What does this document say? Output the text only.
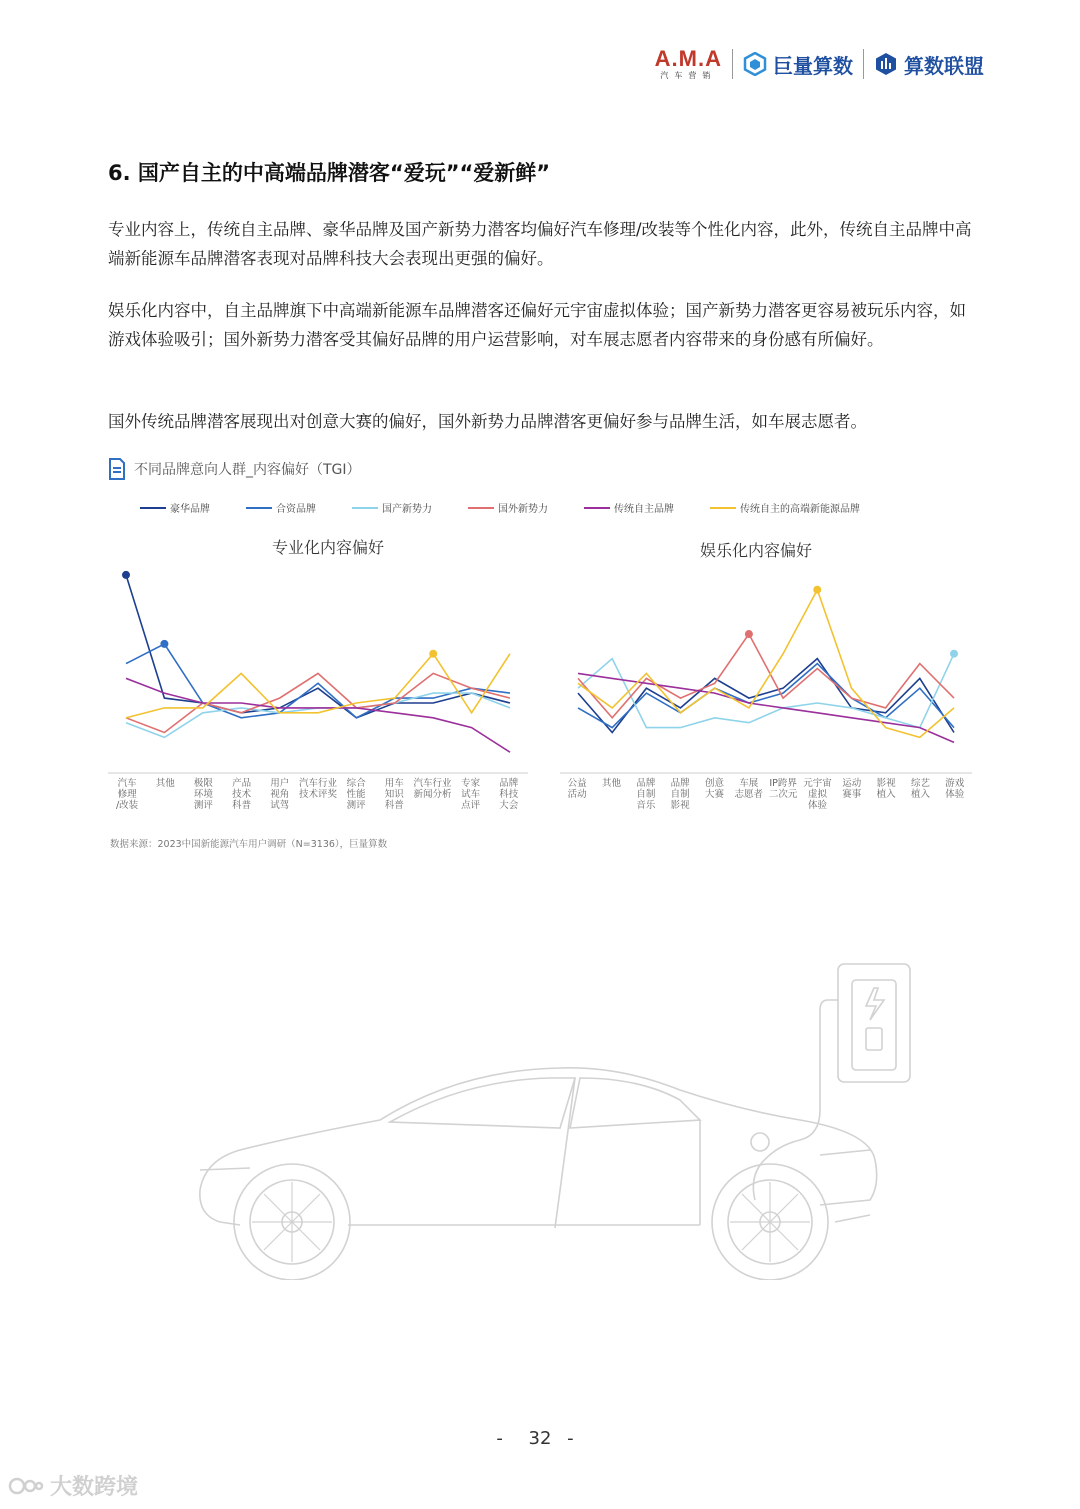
A.M.A
汽车营销	巨量算数	算数联盟
6. 国产自主的中高端品牌潜客“爱玩”“爱新鲜”

专业内容上，传统自主品牌、豪华品牌及国产新势力潜客均偏好汽车修理/改装等个性化内容，此外，传统自主品牌中高端新能源车品牌潜客表现对品牌科技大会表现出更强的偏好。

娱乐化内容中，自主品牌旗下中高端新能源车品牌潜客还偏好元宇宙虚拟体验；国产新势力潜客更容易被玩乐内容，如游戏体验吸引；国外新势力潜客受其偏好品牌的用户运营影响，对车展志愿者内容带来的身份感有所偏好。

国外传统品牌潜客展现出对创意大赛的偏好，国外新势力品牌潜客更偏好参与品牌生活，如车展志愿者。

不同品牌意向人群_内容偏好（TGI）
豪华品牌	合资品牌	国产新势力	国外新势力	传统自主品牌	传统自主的高端新能源品牌
专业化内容偏好	娱乐化内容偏好
汽车
修理
/改装
其他	极限
环境
测评
产品
技术
科普
用户
视角
试驾
汽车行业
技术评奖
综合
性能
测评
用车
知识
科普
汽车行业
新闻分析
专家
试车
点评
品牌
科技
大会
公益
活动
其他	品牌
自制
音乐
品牌
自制
影视
创意
大赛
车展
志愿者
IP跨界
二次元
元宇宙
虚拟
体验
运动
赛事
影视
植入
综艺
植入
游戏
体验
数据来源：2023中国新能源汽车用户调研（N=3136），巨量算数
- 32 -
大数跨境
